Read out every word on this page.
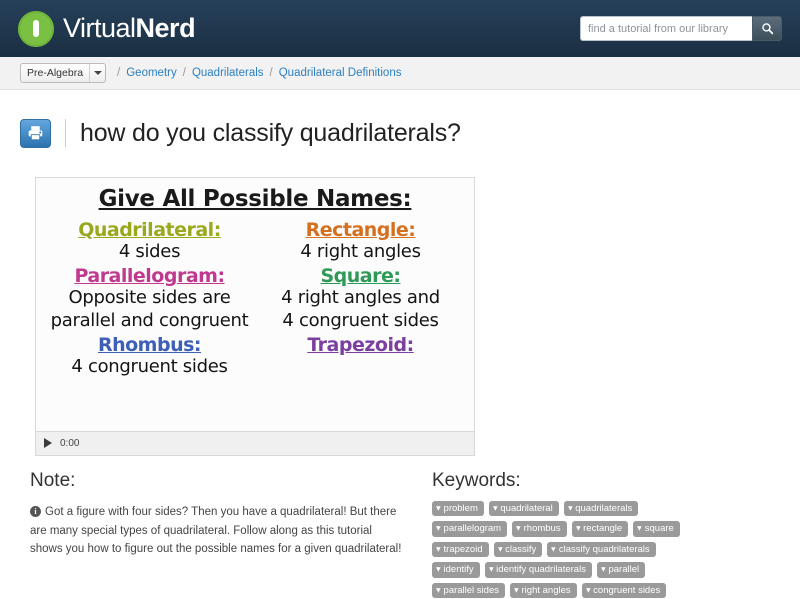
VirtualNerd
find a tutorial from our library
Pre-Algebra	/ Geometry / Quadrilaterals / Quadrilateral Definitions
how do you classify quadrilaterals?
Give All Possible Names:
Quadrilateral:
4 sides
Rectangle:
4 right angles
Parallelogram:
Opposite sides are
parallel and congruent
Square:
4 right angles and
4 congruent sides
Rhombus:
4 congruent sides
Trapezoid:
0:00
Note:

i Got a figure with four sides? Then you have a quadrilateral! But there are many special types of quadrilateral. Follow along as this tutorial shows you how to figure out the possible names for a given quadrilateral!

Keywords:
▸ problem ▸ quadrilateral ▸ quadrilaterals
▸ parallelogram ▸ rhombus ▸ rectangle ▸ square
▸ trapezoid ▸ classify ▸ classify quadrilaterals
▸ identify ▸ identify quadrilaterals ▸ parallel
▸ parallel sides ▸ right angles ▸ congruent sides
